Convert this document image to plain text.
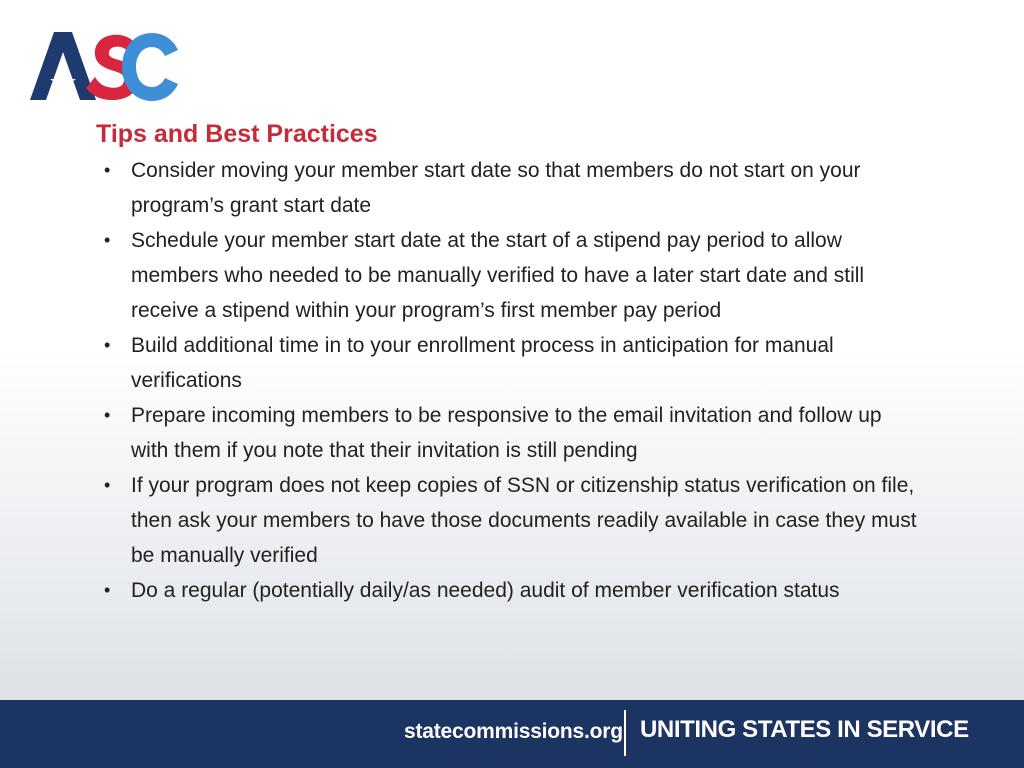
Tips and Best Practices
• Consider moving your member start date so that members do not start on your program’s grant start date
• Schedule your member start date at the start of a stipend pay period to allow members who needed to be manually verified to have a later start date and still receive a stipend within your program’s first member pay period
• Build additional time in to your enrollment process in anticipation for manual verifications
• Prepare incoming members to be responsive to the email invitation and follow up with them if you note that their invitation is still pending
• If your program does not keep copies of SSN or citizenship status verification on file, then ask your members to have those documents readily available in case they must be manually verified
• Do a regular (potentially daily/as needed) audit of member verification status
statecommissions.org UNITING STATES IN SERVICE
